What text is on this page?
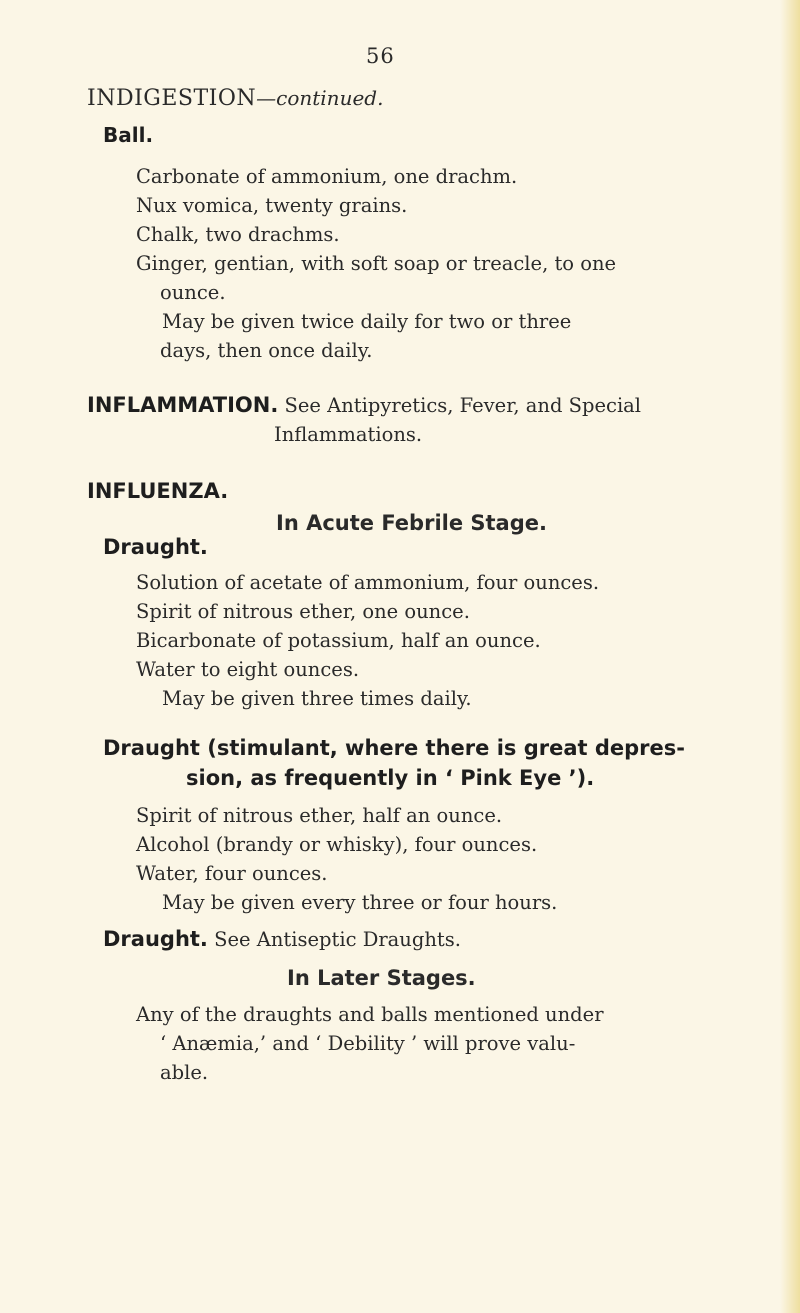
56
INDIGESTION—continued.
Ball.
Carbonate of ammonium, one drachm.
Nux vomica, twenty grains.
Chalk, two drachms.
Ginger, gentian, with soft soap or treacle, to one
ounce.
May be given twice daily for two or three
days, then once daily.
INFLAMMATION. See Antipyretics, Fever, and Special
Inflammations.
INFLUENZA.
In Acute Febrile Stage.
Draught.
Solution of acetate of ammonium, four ounces.
Spirit of nitrous ether, one ounce.
Bicarbonate of potassium, half an ounce.
Water to eight ounces.
May be given three times daily.
Draught (stimulant, where there is great depres-
sion, as frequently in ‘ Pink Eye ’).
Spirit of nitrous ether, half an ounce.
Alcohol (brandy or whisky), four ounces.
Water, four ounces.
May be given every three or four hours.
Draught. See Antiseptic Draughts.
In Later Stages.
Any of the draughts and balls mentioned under
‘ Anæmia,’ and ‘ Debility ’ will prove valu-
able.
